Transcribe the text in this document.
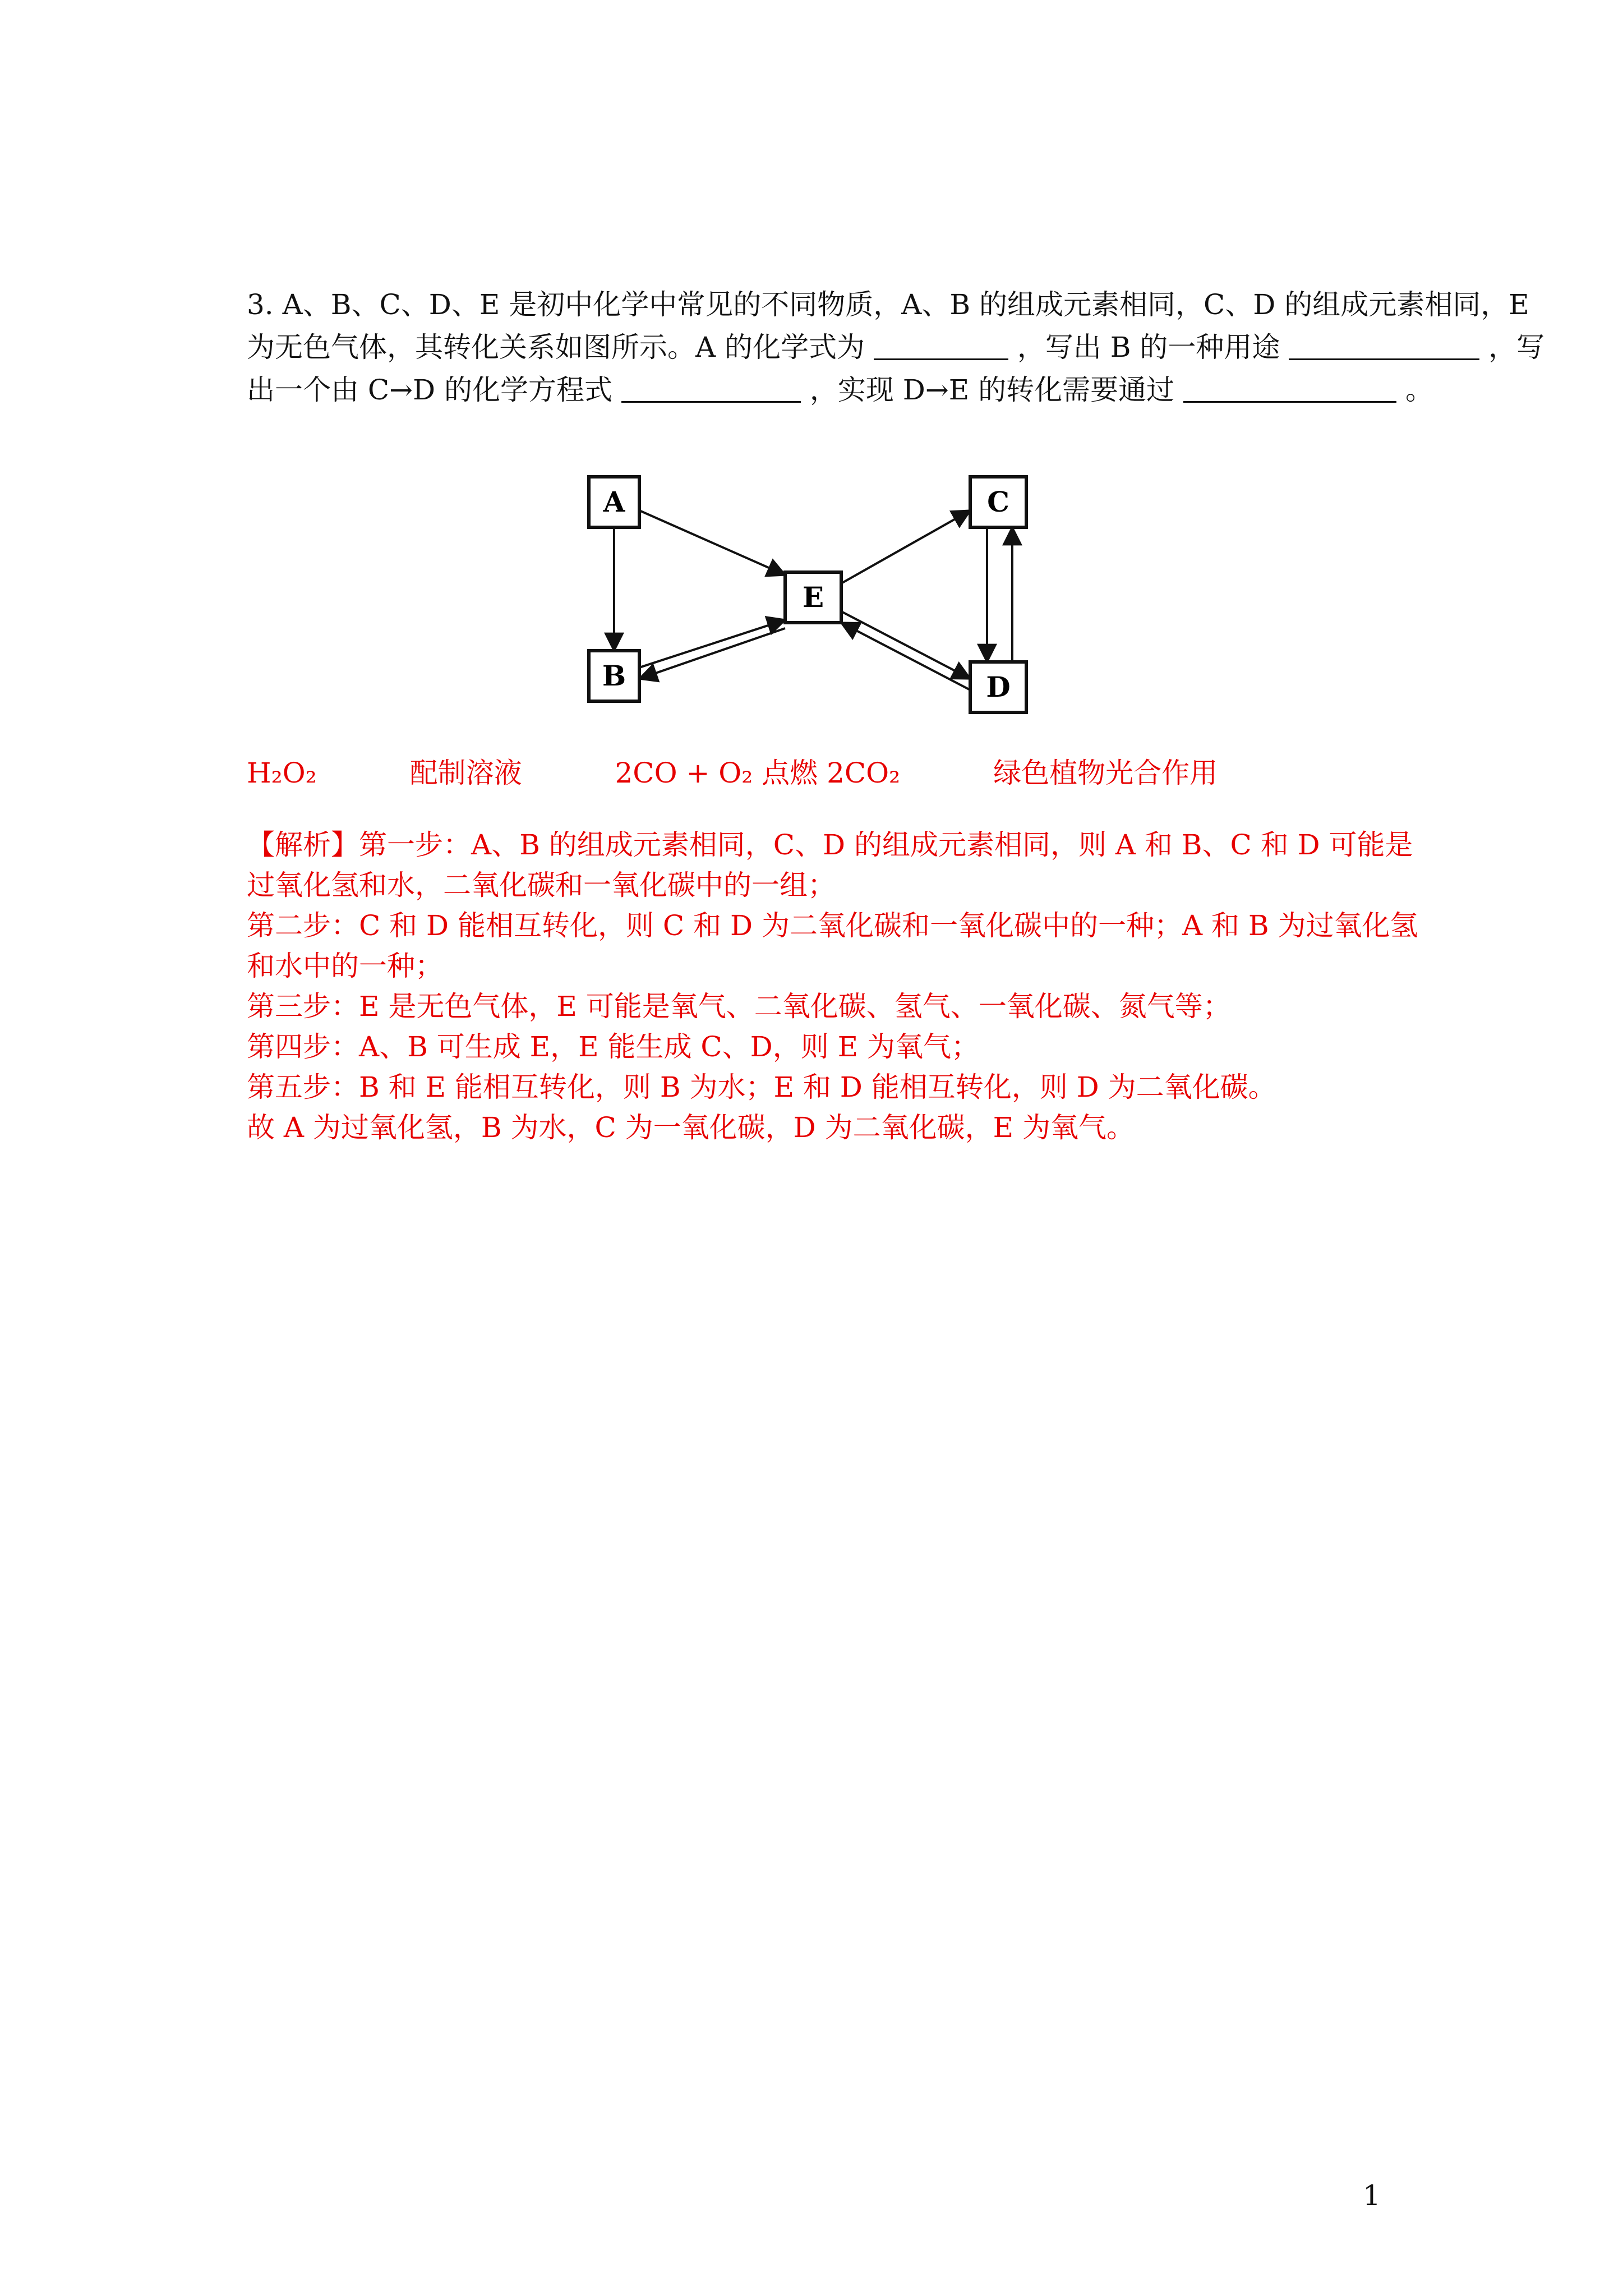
3. A、B、C、D、E 是初中化学中常见的不同物质，A、B 的组成元素相同，C、D 的组成元素相同，E 为无色气体，其转化关系如图所示。A 的化学式为	，写出 B 的一种用途	，写出一个由 C→D 的化学方程式	，实现 D→E 的转化需要通过	。
A
B
C
D
E
H₂O₂	配制溶液	2CO + O₂ 点燃 2CO₂	绿色植物光合作用

【解析】第一步：A、B 的组成元素相同，C、D 的组成元素相同，则 A 和 B、C 和 D 可能是过氧化氢和水，二氧化碳和一氧化碳中的一组；

第二步：C 和 D 能相互转化，则 C 和 D 为二氧化碳和一氧化碳中的一种；A 和 B 为过氧化氢和水中的一种；

第三步：E 是无色气体，E 可能是氧气、二氧化碳、氢气、一氧化碳、氮气等；

第四步：A、B 可生成 E，E 能生成 C、D，则 E 为氧气；

第五步：B 和 E 能相互转化，则 B 为水；E 和 D 能相互转化，则 D 为二氧化碳。

故 A 为过氧化氢，B 为水，C 为一氧化碳，D 为二氧化碳，E 为氧气。

1
